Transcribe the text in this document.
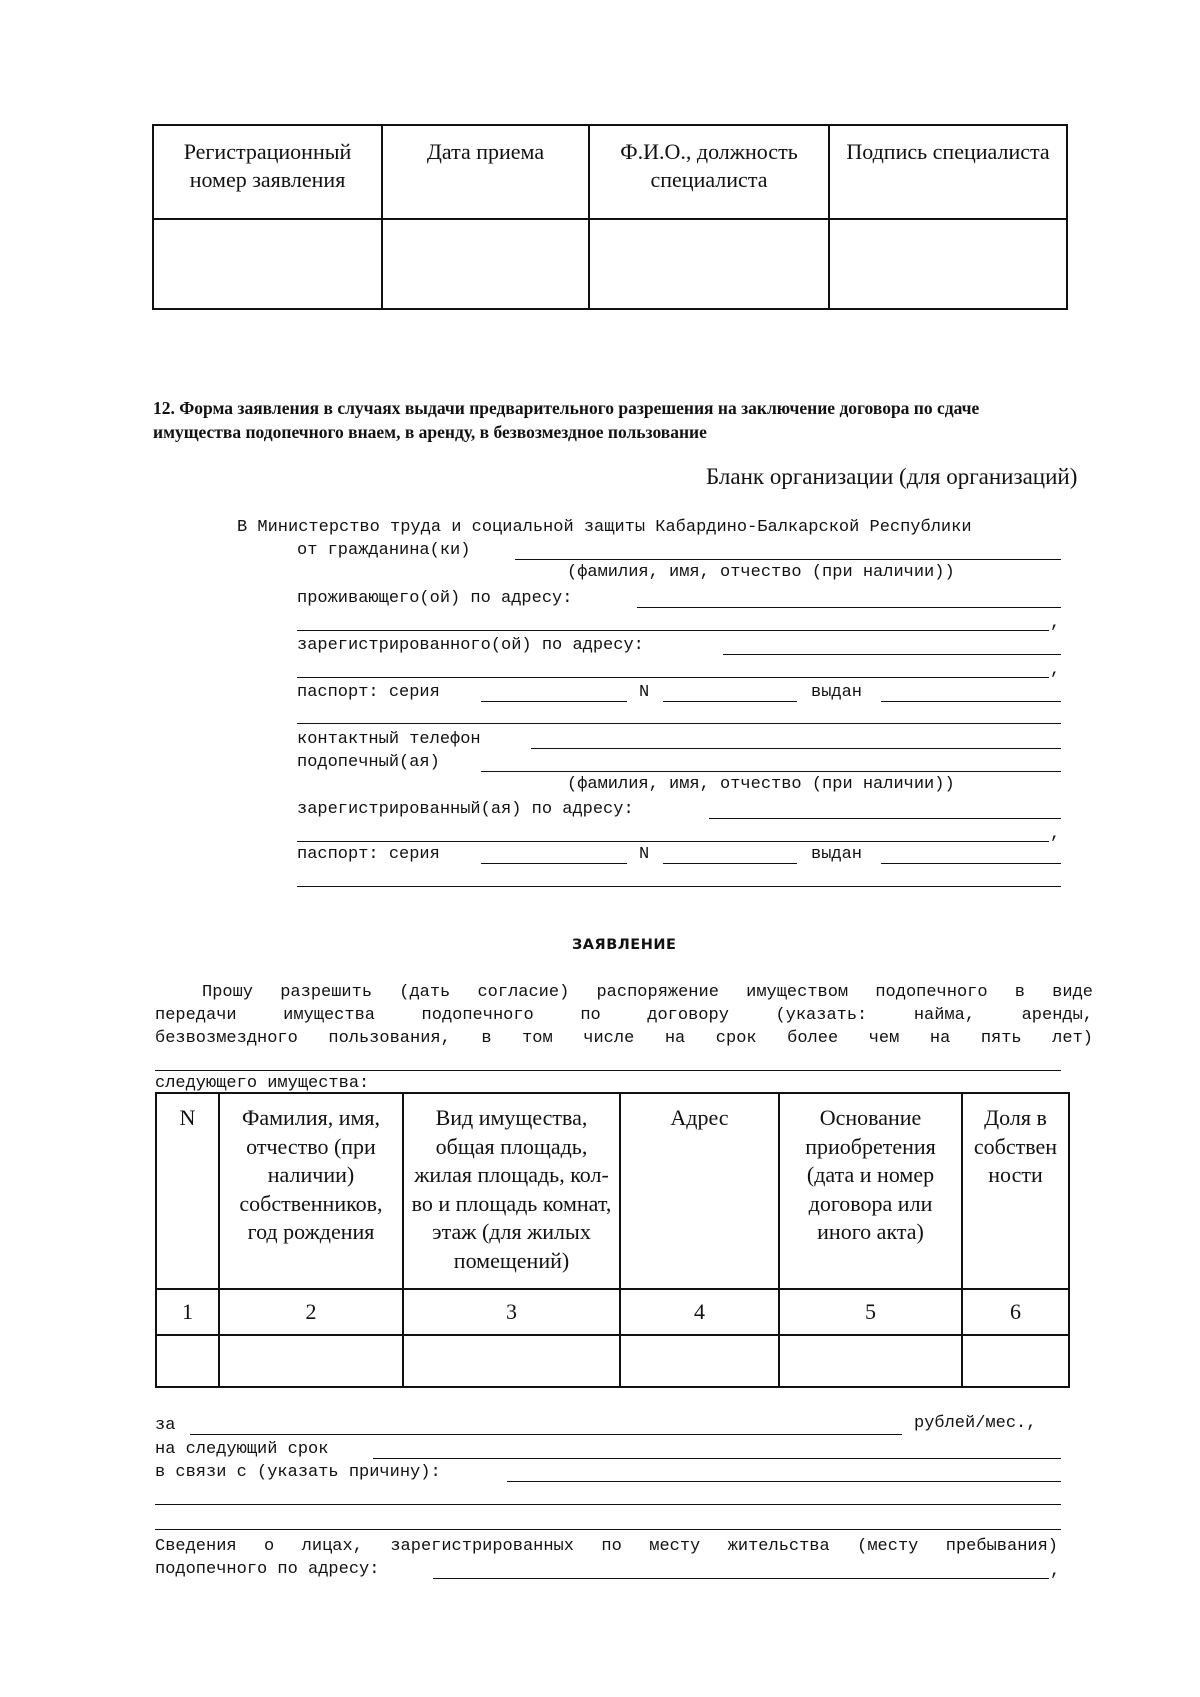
Регистрационный номер заявления	Дата приема	Ф.И.О., должность специалиста	Подпись специалиста

12. Форма заявления в случаях выдачи предварительного разрешения на заключение договора по сдаче
имущества подопечного внаем, в аренду, в безвозмездное пользование
Бланк организации (для организаций)
В Министерство труда и социальной защиты Кабардино-Балкарской Республики
от гражданина(ки)
(фамилия, имя, отчество (при наличии))
проживающего(ой) по адресу:
,
зарегистрированного(ой) по адресу:
,
паспорт: серия	N	выдан
контактный телефон
подопечный(ая)
(фамилия, имя, отчество (при наличии))
зарегистрированный(ая) по адресу:
,
паспорт: серия	N	выдан
ЗАЯВЛЕНИЕ
Прошу разрешить (дать согласие) распоряжение имуществом подопечного в виде
передачи имущества подопечного по договору (указать: найма, аренды,
безвозмездного пользования, в том числе на срок более чем на пять лет)
следующего имущества:
N	Фамилия, имя, отчество (при наличии) собственников, год рождения	Вид имущества, общая площадь, жилая площадь, кол-во и площадь комнат, этаж (для жилых помещений)	Адрес	Основание приобретения (дата и номер договора или иного акта)	Доля в собствен ности
1	2	3	4	5	6

за	рублей/мес.,
на следующий срок
в связи с (указать причину):
Сведения о лицах, зарегистрированных по месту жительства (месту пребывания)
подопечного по адресу:	,
